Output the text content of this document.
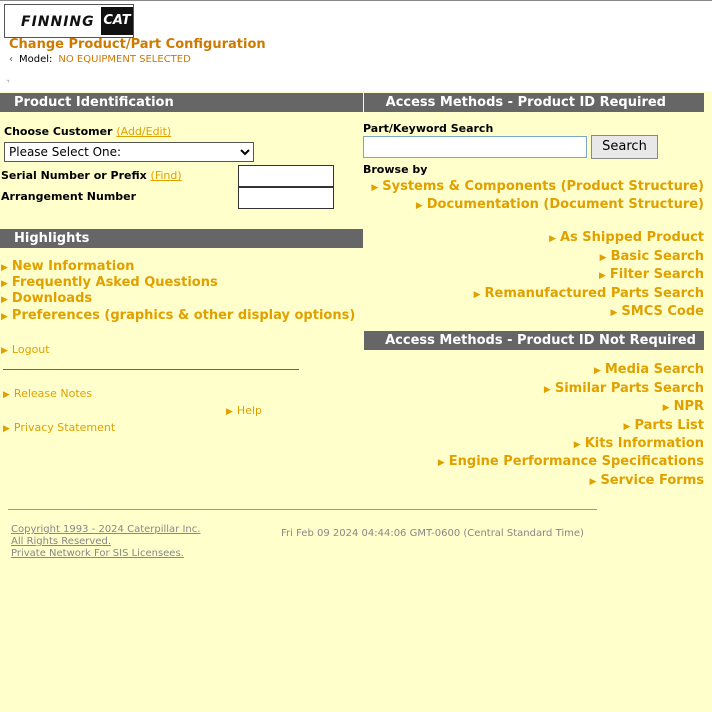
FINNING CAT
Change Product/Part Configuration
‹ Model: NO EQUIPMENT SELECTED
⌝
Product Identification
Choose Customer (Add/Edit)
Please Select One:
Serial Number or Prefix (Find)
Arrangement Number
Highlights
▶ New Information
▶ Frequently Asked Questions
▶ Downloads
▶ Preferences (graphics & other display options)
▶ Logout
▶ Release Notes
▶ Help
▶ Privacy Statement
Access Methods - Product ID Required
Part/Keyword Search
Search
Browse by
▶ Systems & Components (Product Structure)
▶ Documentation (Document Structure)
▶ As Shipped Product
▶ Basic Search
▶ Filter Search
▶ Remanufactured Parts Search
▶ SMCS Code
Access Methods - Product ID Not Required
▶ Media Search
▶ Similar Parts Search
▶ NPR
▶ Parts List
▶ Kits Information
▶ Engine Performance Specifications
▶ Service Forms
Copyright 1993 - 2024 Caterpillar Inc.
All Rights Reserved.
Private Network For SIS Licensees.
Fri Feb 09 2024 04:44:06 GMT-0600 (Central Standard Time)
